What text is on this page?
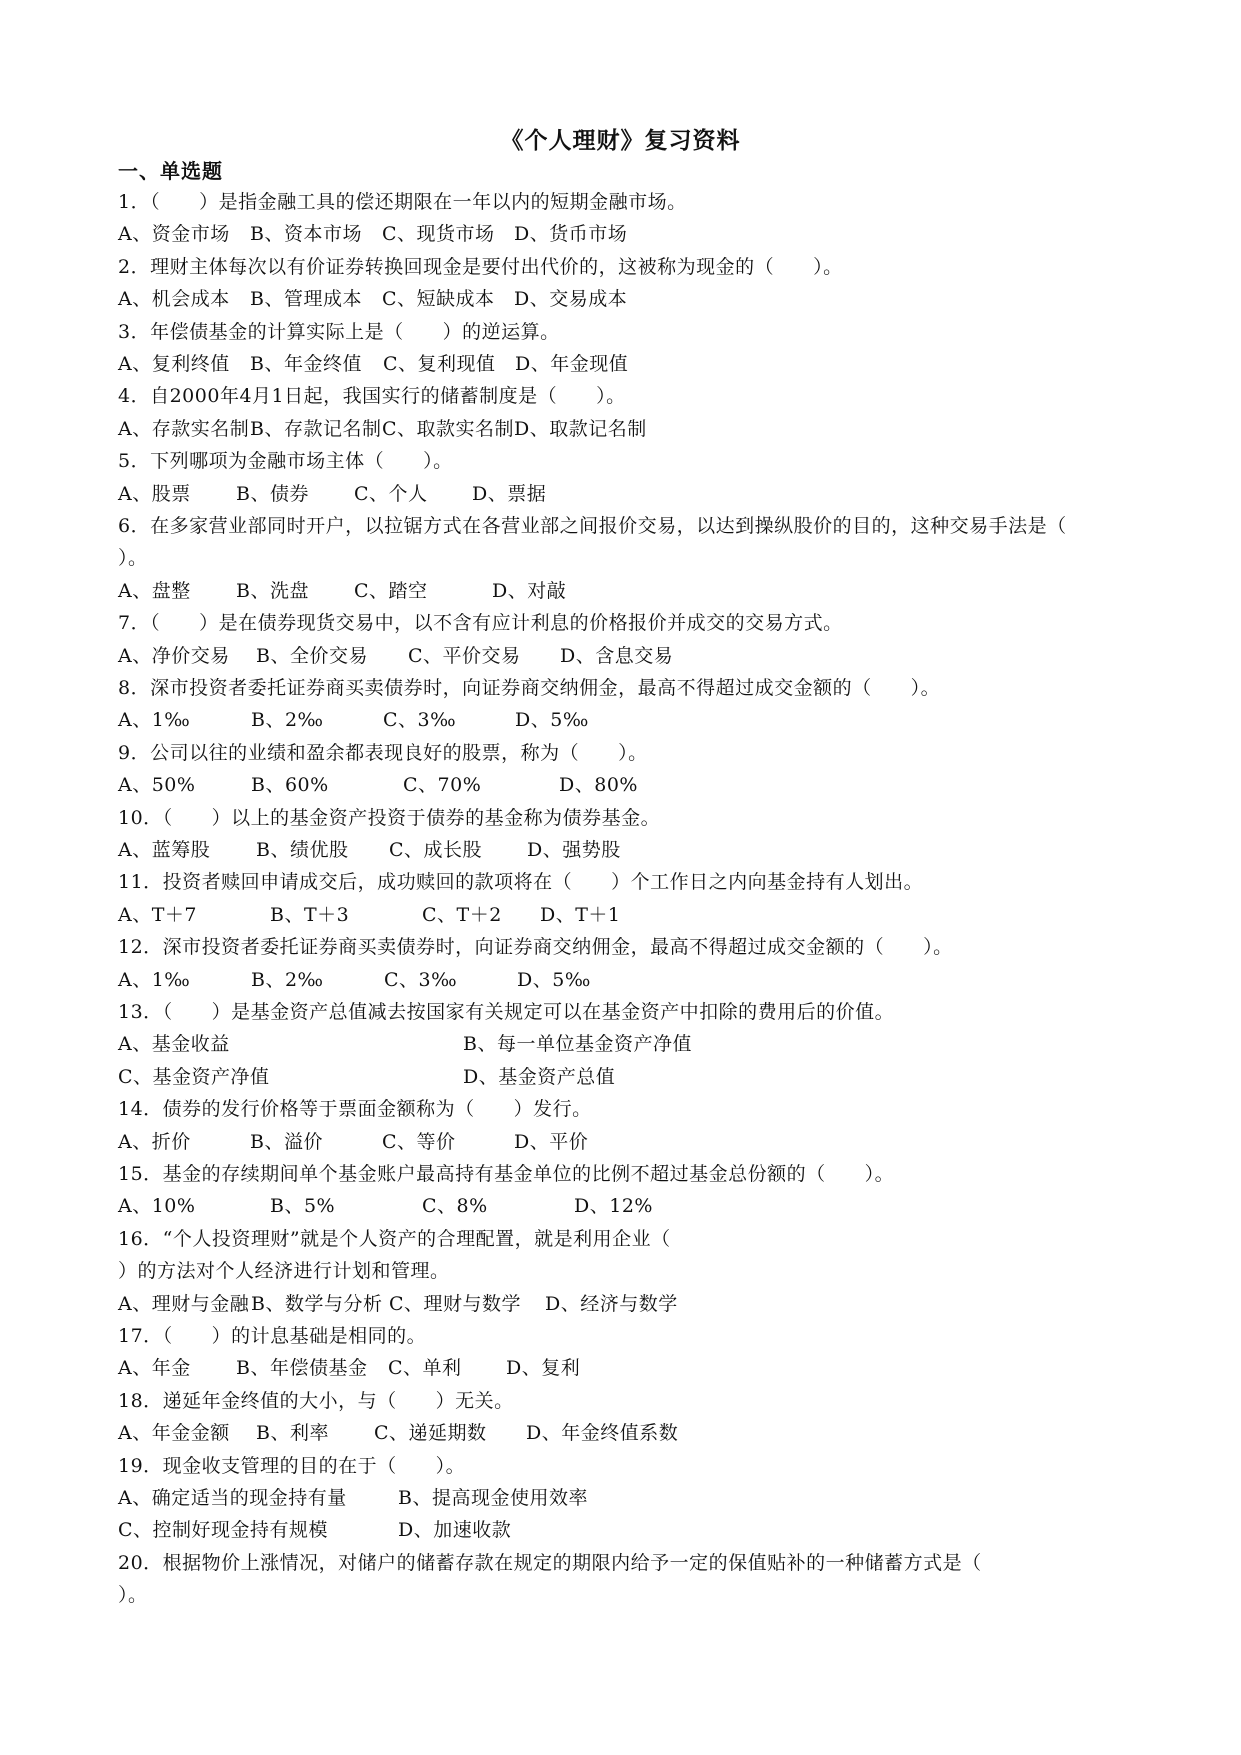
《个人理财》复习资料
一、单选题

1．（　　）是指金融工具的偿还期限在一年以内的短期金融市场。

A、资金市场 B、资本市场 C、现货市场 D、货币市场

2．理财主体每次以有价证券转换回现金是要付出代价的，这被称为现金的（　　）。

A、机会成本 B、管理成本 C、短缺成本 D、交易成本

3．年偿债基金的计算实际上是（　　）的逆运算。

A、复利终值 B、年金终值 C、复利现值 D、年金现值

4．自2000年4月1日起，我国实行的储蓄制度是（　　）。

A、存款实名制B、存款记名制C、取款实名制D、取款记名制

5．下列哪项为金融市场主体（　　）。

A、股票 B、债券 C、个人 D、票据

6．在多家营业部同时开户，以拉锯方式在各营业部之间报价交易，以达到操纵股价的目的，这种交易手法是（　　）。

A、盘整 B、洗盘 C、踏空	D、对敲

7．（　　）是在债券现货交易中，以不含有应计利息的价格报价并成交的交易方式。

A、净价交易 B、全价交易 C、平价交易 D、含息交易

8．深市投资者委托证券商买卖债券时，向证券商交纳佣金，最高不得超过成交金额的（　　）。

A、1‰	B、2‰	C、3‰	D、5‰

9．公司以往的业绩和盈余都表现良好的股票，称为（　　）。

A、50%	B、60%	C、70%	D、80%

10．（　　）以上的基金资产投资于债券的基金称为债券基金。

A、蓝筹股 B、绩优股 C、成长股 D、强势股

11．投资者赎回申请成交后，成功赎回的款项将在（　　）个工作日之内向基金持有人划出。

A、T＋7	B、T＋3	C、T＋2 D、T＋1

12．深市投资者委托证券商买卖债券时，向证券商交纳佣金，最高不得超过成交金额的（　　）。

A、1‰	B、2‰	C、3‰	D、5‰

13．（　　）是基金资产总值减去按国家有关规定可以在基金资产中扣除的费用后的价值。

A、基金收益	B、每一单位基金资产净值
C、基金资产净值	D、基金资产总值

14．债券的发行价格等于票面金额称为（　　）发行。

A、折价	B、溢价	C、等价	D、平价

15．基金的存续期间单个基金账户最高持有基金单位的比例不超过基金总份额的（　　）。

A、10%	B、5%	C、8%	D、12%

16．“个人投资理财”就是个人资产的合理配置，就是利用企业（
）的方法对个人经济进行计划和管理。

A、理财与金融B、数学与分析 C、理财与数学 D、经济与数学

17．（　　）的计息基础是相同的。

A、年金 B、年偿债基金 C、单利 D、复利

18．递延年金终值的大小，与（　　）无关。

A、年金金额 B、利率 C、递延期数 D、年金终值系数

19．现金收支管理的目的在于（　　）。

A、确定适当的现金持有量	B、提高现金使用效率
C、控制好现金持有规模	D、加速收款

20．根据物价上涨情况，对储户的储蓄存款在规定的期限内给予一定的保值贴补的一种储蓄方式是（
）。
